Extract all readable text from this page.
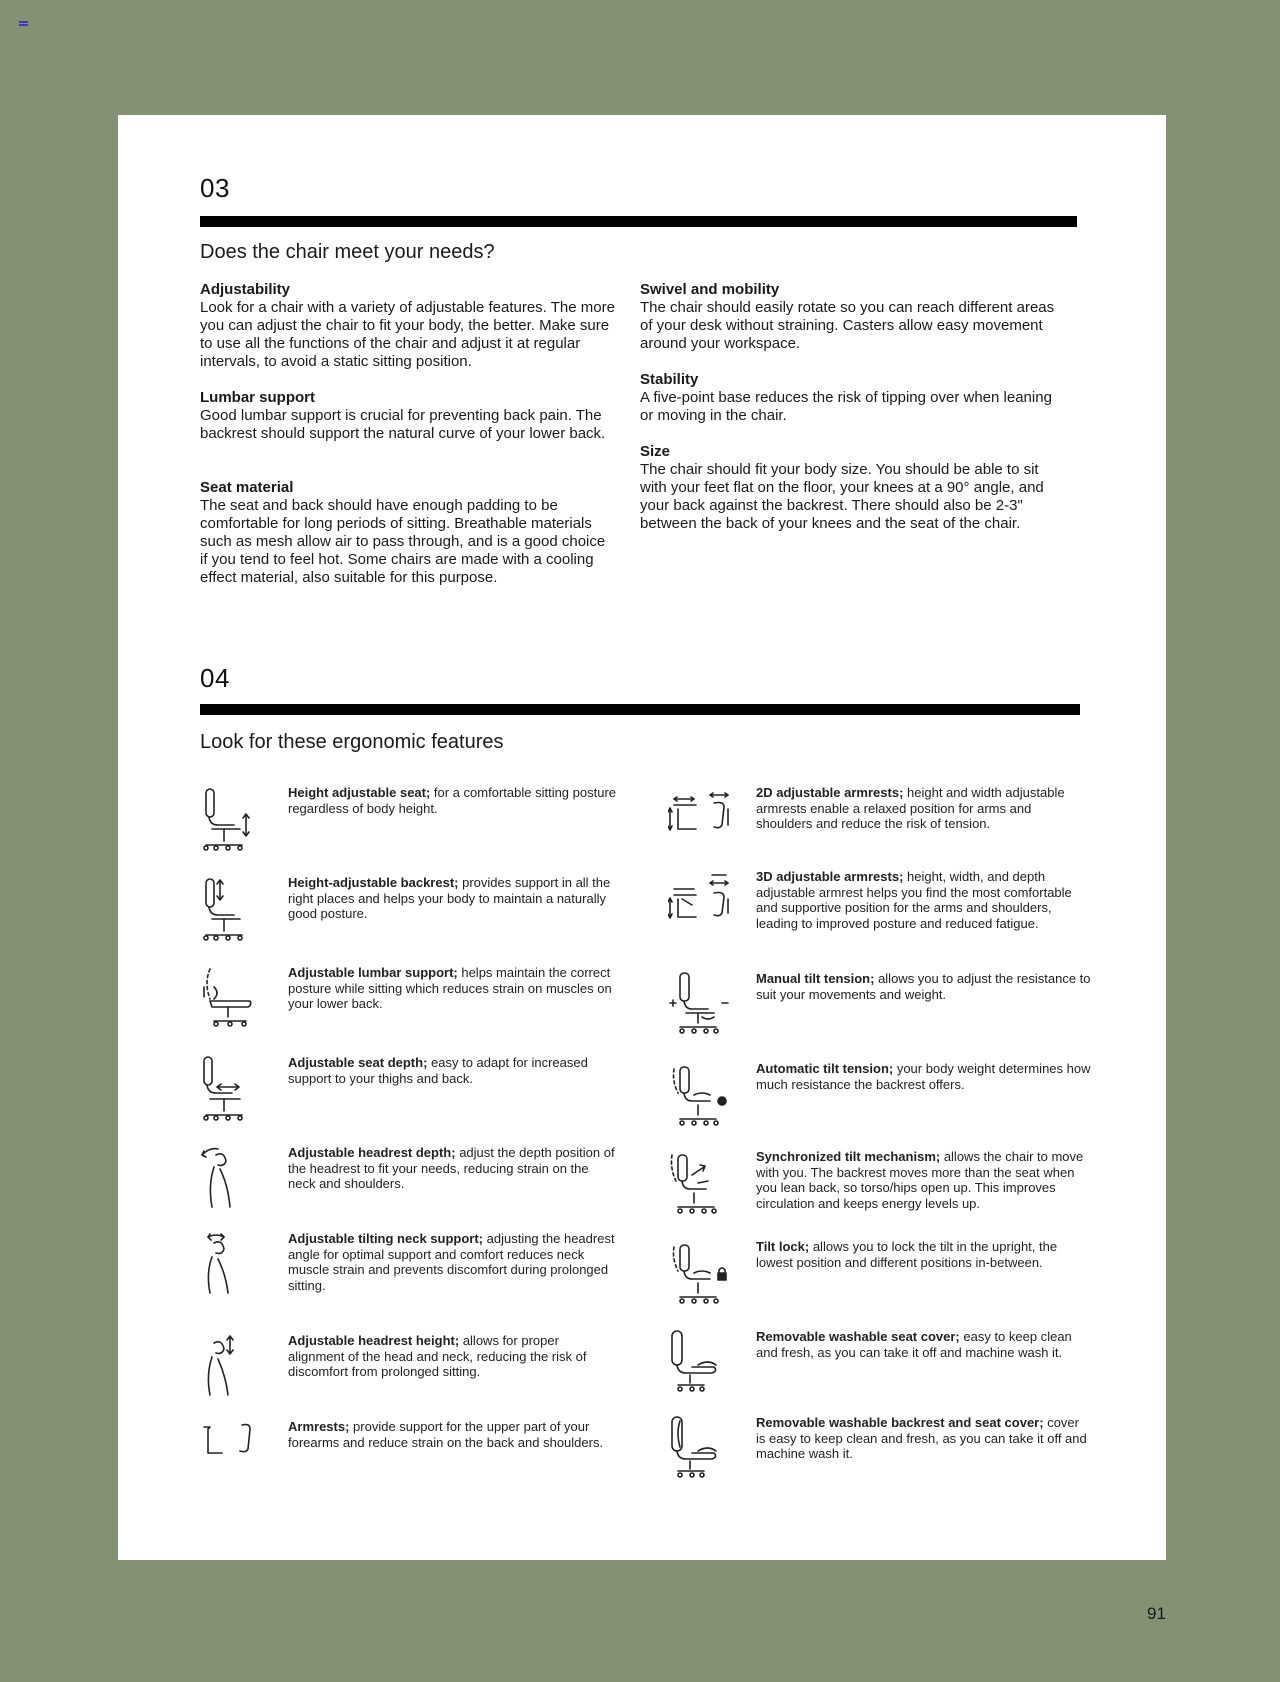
03
Does the chair meet your needs?
Adjustability
Look for a chair with a variety of adjustable features. The more you can adjust the chair to fit your body, the better. Make sure to use all the functions of the chair and adjust it at regular intervals, to avoid a static sitting position.
Lumbar support
Good lumbar support is crucial for preventing back pain. The backrest should support the natural curve of your lower back.
Seat material
The seat and back should have enough padding to be comfortable for long periods of sitting. Breathable materials such as mesh allow air to pass through, and is a good choice if you tend to feel hot. Some chairs are made with a cooling effect material, also suitable for this purpose.
Swivel and mobility
The chair should easily rotate so you can reach different areas of your desk without straining. Casters allow easy movement around your workspace.
Stability
A five-point base reduces the risk of tipping over when leaning or moving in the chair.
Size
The chair should fit your body size. You should be able to sit with your feet flat on the floor, your knees at a 90° angle, and your back against the backrest. There should also be 2-3" between the back of your knees and the seat of the chair.
04
Look for these ergonomic features
Height adjustable seat; for a comfortable sitting posture regardless of body height.
Height-adjustable backrest; provides support in all the right places and helps your body to maintain a naturally good posture.
Adjustable lumbar support; helps maintain the correct posture while sitting which reduces strain on muscles on your lower back.
Adjustable seat depth; easy to adapt for increased support to your thighs and back.
Adjustable headrest depth; adjust the depth position of the headrest to fit your needs, reducing strain on the neck and shoulders.
Adjustable tilting neck support; adjusting the headrest angle for optimal support and comfort reduces neck muscle strain and prevents discomfort during prolonged sitting.
Adjustable headrest height; allows for proper alignment of the head and neck, reducing the risk of discomfort from prolonged sitting.
Armrests; provide support for the upper part of your forearms and reduce strain on the back and shoulders.
2D adjustable armrests; height and width adjustable armrests enable a relaxed position for arms and shoulders and reduce the risk of tension.
3D adjustable armrests; height, width, and depth adjustable armrest helps you find the most comfortable and supportive position for the arms and shoulders, leading to improved posture and reduced fatigue.
Manual tilt tension; allows you to adjust the resistance to suit your movements and weight.
Automatic tilt tension; your body weight determines how much resistance the backrest offers.
Synchronized tilt mechanism; allows the chair to move with you. The backrest moves more than the seat when you lean back, so torso/hips open up. This improves circulation and keeps energy levels up.
Tilt lock; allows you to lock the tilt in the upright, the lowest position and different positions in-between.
Removable washable seat cover; easy to keep clean and fresh, as you can take it off and machine wash it.
Removable washable backrest and seat cover; cover is easy to keep clean and fresh, as you can take it off and machine wash it.
91
